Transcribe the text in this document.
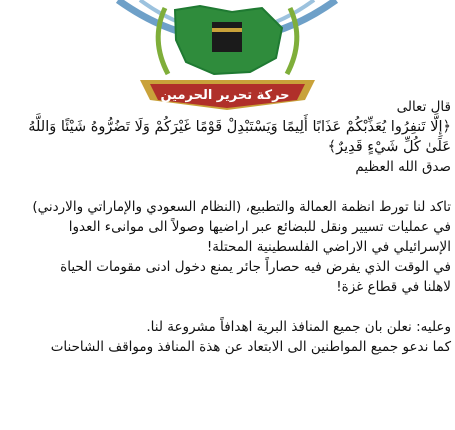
حركة تحرير الحرمين

قال تعالى

﴿إِلَّا تَنفِرُوا يُعَذِّبْكُمْ عَذَابًا أَلِيمًا وَيَسْتَبْدِلْ قَوْمًا غَيْرَكُمْ وَلَا تَضُرُّوهُ شَيْئًا وَاللَّهُ

عَلَىٰ كُلِّ شَيْءٍ قَدِيرٌ﴾

صدق الله العظيم

تاكد لنا تورط انظمة العمالة والتطبيع، (النظام السعودي والإماراتي والاردني)

في عمليات تسيير ونقل للبضائع عبر اراضيها وصولاً الى موانىء العدوا

الإسرائيلي في الاراضي الفلسطينية المحتلة!

في الوقت الذي يفرض فيه حصاراً جائر يمنع دخول ادنى مقومات الحياة

لاهلنا في قطاع غزة!

وعليه: نعلن بان جميع المنافذ البرية اهدافاً مشروعة لنا.

كما ندعو جميع المواطنين الى الابتعاد عن هذة المنافذ ومواقف الشاحنات
